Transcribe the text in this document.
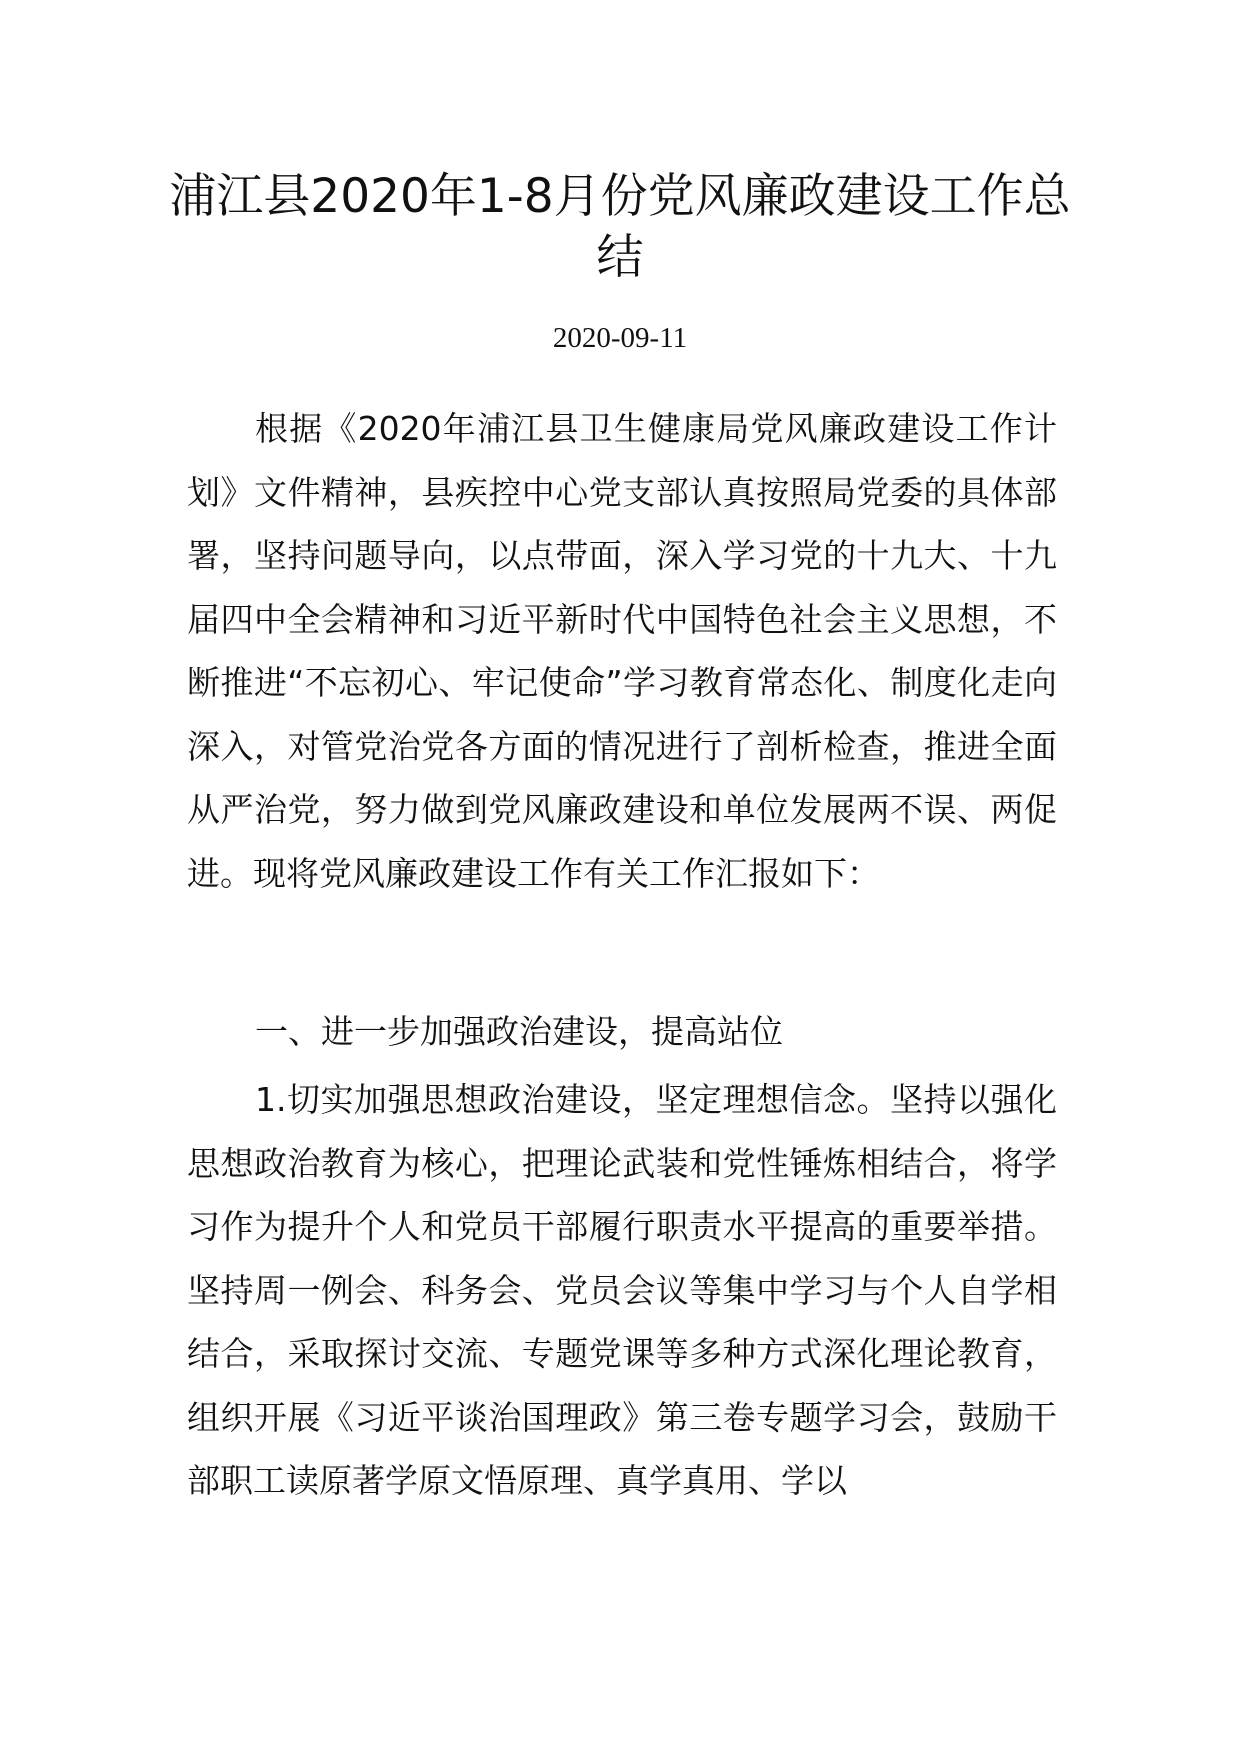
浦江县2020年1-8月份党风廉政建设工作总结
2020-09-11

根据《2020年浦江县卫生健康局党风廉政建设工作计划》文件精神，县疾控中心党支部认真按照局党委的具体部署，坚持问题导向，以点带面，深入学习党的十九大、十九届四中全会精神和习近平新时代中国特色社会主义思想，不断推进“不忘初心、牢记使命”学习教育常态化、制度化走向深入，对管党治党各方面的情况进行了剖析检查，推进全面从严治党，努力做到党风廉政建设和单位发展两不误、两促进。现将党风廉政建设工作有关工作汇报如下：

一、进一步加强政治建设，提高站位

1.切实加强思想政治建设，坚定理想信念。坚持以强化思想政治教育为核心，把理论武装和党性锤炼相结合，将学习作为提升个人和党员干部履行职责水平提高的重要举措。坚持周一例会、科务会、党员会议等集中学习与个人自学相结合，采取探讨交流、专题党课等多种方式深化理论教育，组织开展《习近平谈治国理政》第三卷专题学习会，鼓励干部职工读原著学原文悟原理、真学真用、学以
